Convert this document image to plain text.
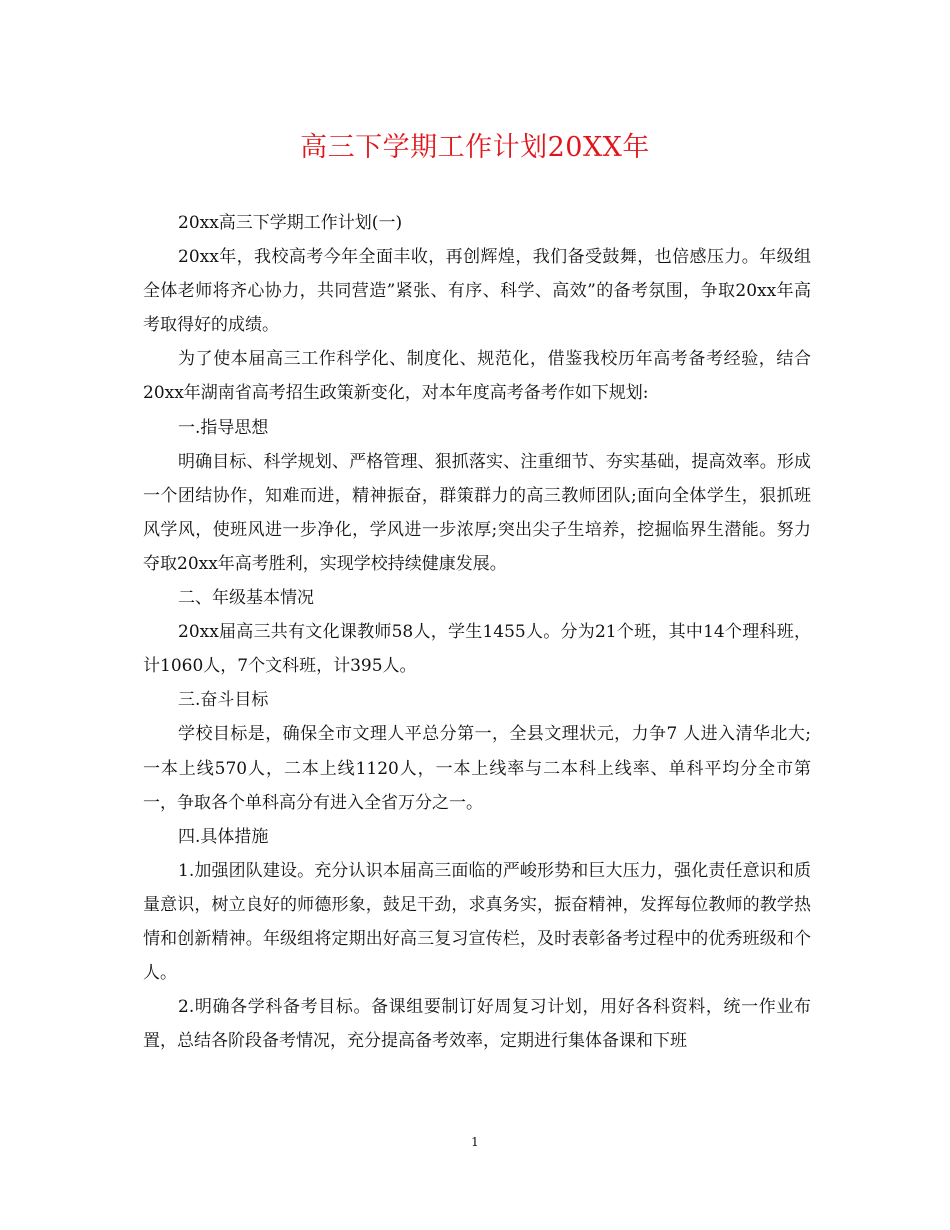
高三下学期工作计划20XX年

20xx高三下学期工作计划(一)

20xx年，我校高考今年全面丰收，再创辉煌，我们备受鼓舞，也倍感压力。年级组全体老师将齐心协力，共同营造”紧张、有序、科学、高效”的备考氛围，争取20xx年高考取得好的成绩。

为了使本届高三工作科学化、制度化、规范化，借鉴我校历年高考备考经验，结合20xx年湖南省高考招生政策新变化，对本年度高考备考作如下规划:

一.指导思想

明确目标、科学规划、严格管理、狠抓落实、注重细节、夯实基础，提高效率。形成一个团结协作，知难而进，精神振奋，群策群力的高三教师团队;面向全体学生，狠抓班风学风，使班风进一步净化，学风进一步浓厚;突出尖子生培养，挖掘临界生潜能。努力夺取20xx年高考胜利，实现学校持续健康发展。

二、年级基本情况

20xx届高三共有文化课教师58人，学生1455人。分为21个班，其中14个理科班，计1060人，7个文科班，计395人。

三.奋斗目标

学校目标是，确保全市文理人平总分第一，全县文理状元，力争7 人进入清华北大; 一本上线570人，二本上线1120人，一本上线率与二本科上线率、单科平均分全市第一，争取各个单科高分有进入全省万分之一。

四.具体措施

1.加强团队建设。充分认识本届高三面临的严峻形势和巨大压力，强化责任意识和质量意识，树立良好的师德形象，鼓足干劲，求真务实，振奋精神，发挥每位教师的教学热情和创新精神。年级组将定期出好高三复习宣传栏，及时表彰备考过程中的优秀班级和个人。

2.明确各学科备考目标。备课组要制订好周复习计划，用好各科资料，统一作业布置，总结各阶段备考情况，充分提高备考效率，定期进行集体备课和下班

1
